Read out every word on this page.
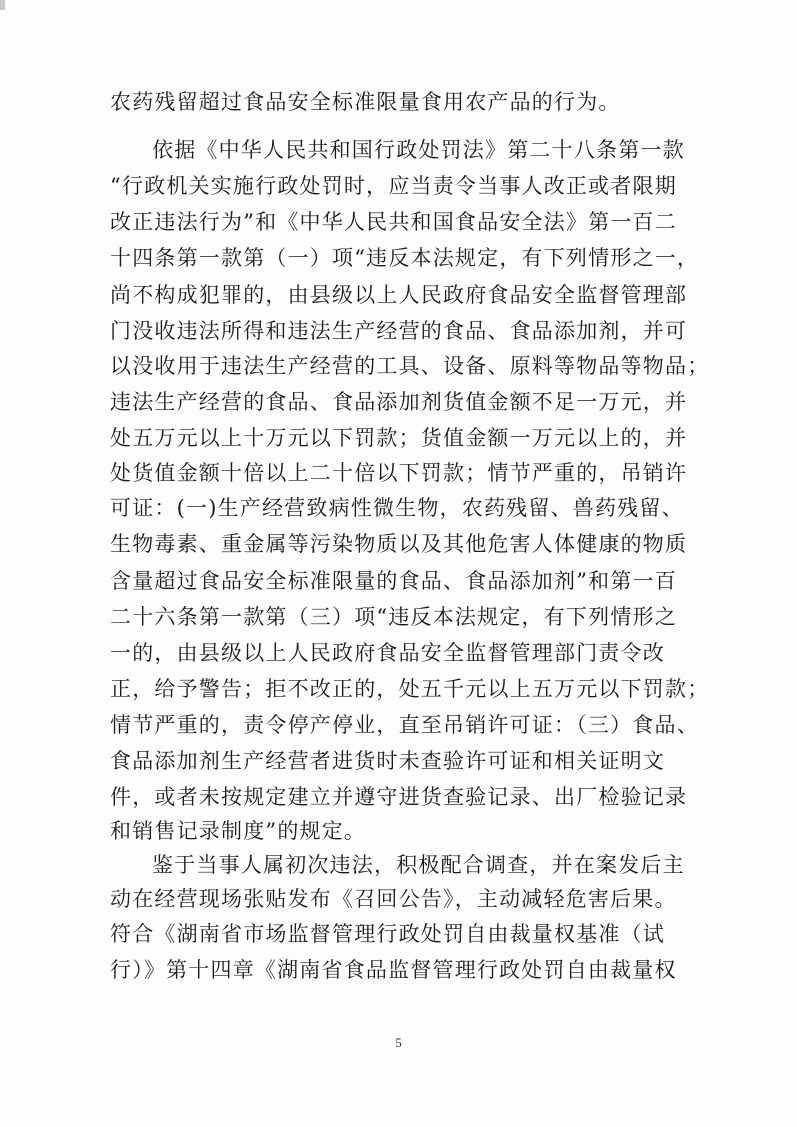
农药残留超过食品安全标准限量食用农产品的行为。
依据《中华人民共和国行政处罚法》第二十八条第一款
“行政机关实施行政处罚时，应当责令当事人改正或者限期
改正违法行为”和《中华人民共和国食品安全法》第一百二
十四条第一款第（一）项“违反本法规定，有下列情形之一，
尚不构成犯罪的，由县级以上人民政府食品安全监督管理部
门没收违法所得和违法生产经营的食品、食品添加剂，并可
以没收用于违法生产经营的工具、设备、原料等物品等物品；
违法生产经营的食品、食品添加剂货值金额不足一万元，并
处五万元以上十万元以下罚款；货值金额一万元以上的，并
处货值金额十倍以上二十倍以下罚款；情节严重的，吊销许
可证：(一)生产经营致病性微生物，农药残留、兽药残留、
生物毒素、重金属等污染物质以及其他危害人体健康的物质
含量超过食品安全标准限量的食品、食品添加剂”和第一百
二十六条第一款第（三）项“违反本法规定，有下列情形之
一的，由县级以上人民政府食品安全监督管理部门责令改
正，给予警告；拒不改正的，处五千元以上五万元以下罚款；
情节严重的，责令停产停业，直至吊销许可证：（三）食品、
食品添加剂生产经营者进货时未查验许可证和相关证明文
件，或者未按规定建立并遵守进货查验记录、出厂检验记录
和销售记录制度”的规定。
鉴于当事人属初次违法，积极配合调查，并在案发后主
动在经营现场张贴发布《召回公告》，主动减轻危害后果。
符合《湖南省市场监督管理行政处罚自由裁量权基准（试
行）》第十四章《湖南省食品监督管理行政处罚自由裁量权
5
